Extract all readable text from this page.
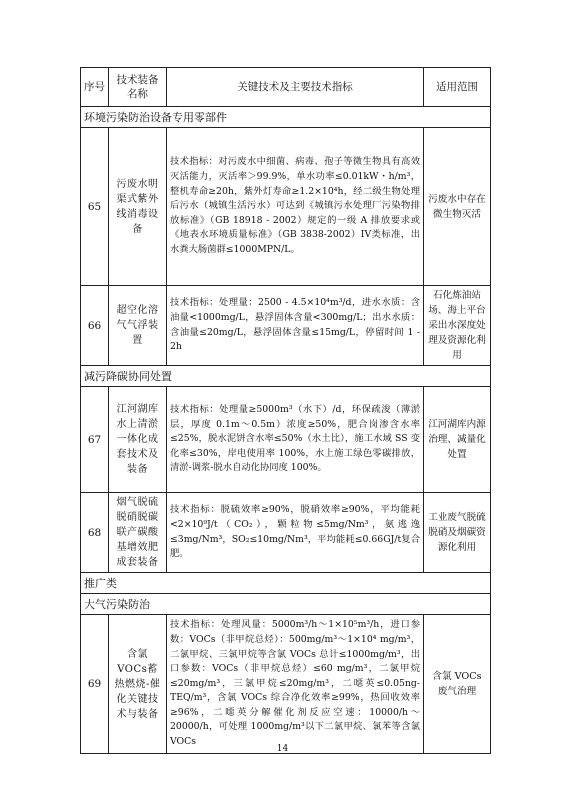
序号	技术装备名称	关键技术及主要技术指标	适用范围
环境污染防治设备专用零部件			
65	污废水明渠式紫外线消毒设备	技术指标：对污废水中细菌、病毒、孢子等微生物具有高效灭活能力，灭活率＞99.9%，单水功率≤0.01kW・h/m³，整机寿命≥20h，紫外灯寿命≥1.2×10⁴h，经二级生物处理后污水（城镇生活污水）可达到《城镇污水处理厂污染物排放标准》（GB 18918 - 2002）规定的一级 A 排放要求或《地表水环境质量标准》（GB 3838-2002）IV类标准，出水粪大肠菌群≤1000MPN/L。	污废水中存在微生物灭活
66	超空化溶气气浮装置	技术指标：处理量：2500 - 4.5×10⁴m³/d，进水水质：含油量<1000mg/L，悬浮固体含量<300mg/L；出水水质：含油量≤20mg/L，悬浮固体含量≤15mg/L，停留时间 1 - 2h	石化炼油站场、海上平台采出水深度处理及资源化利用
减污降碳协同处置			
67	江河湖库水上清淤一体化成套技术及装备	技术指标：处理量≥5000m³（水下）/d，环保疏浚（薄淤层，厚度 0.1m～0.5m）浓度≥50%，肥合岗渗含水率≤25%，脱水泥饼含水率≤50%（水土比），施工水域 SS 变化率≤30%，岸电使用率 100%，水上施工绿色零碳排放，清淤-调浆-脱水自动化协同度 100%。	江河湖库内源治理、减量化处置
68	烟气脱硫脱硝脱碳联产碳酸基增效肥成套装备	技术指标：脱硫效率≥90%，脱硝效率≥90%，平均能耗<2×10⁹J/t（CO₂），颗粒物≤5mg/Nm³，氨逃逸≤3mg/Nm³，SO₂≤10mg/Nm³，平均能耗≤0.66GJ/t复合肥。	工业废气脱硫脱硝及烟碳资源化利用
推广类			
大气污染防治			
69	含氯VOCs蓄热燃烧-催化关键技术与装备	技术指标：处理风量：5000m³/h～1×10⁵m³/h，进口参数：VOCs（非甲烷总烃）：500mg/m³～1×10⁴ mg/m³，二氯甲烷、三氯甲烷等含氯 VOCs 总计≤1000mg/m³，出口参数：VOCs（非甲烷总烃）≤60 mg/m³，二氯甲烷≤20mg/m³，三氯甲烷≤20mg/m³，二噁英≤0.05ng-TEQ/m³，含氯 VOCs 综合净化效率≥99%，热回收效率≥96%，二噁英分解催化剂反应空速：10000/h～20000/h，可处理 1000mg/m³以下二氯甲烷、氯苯等含氯 VOCs	含氯 VOCs 废气治理
14
